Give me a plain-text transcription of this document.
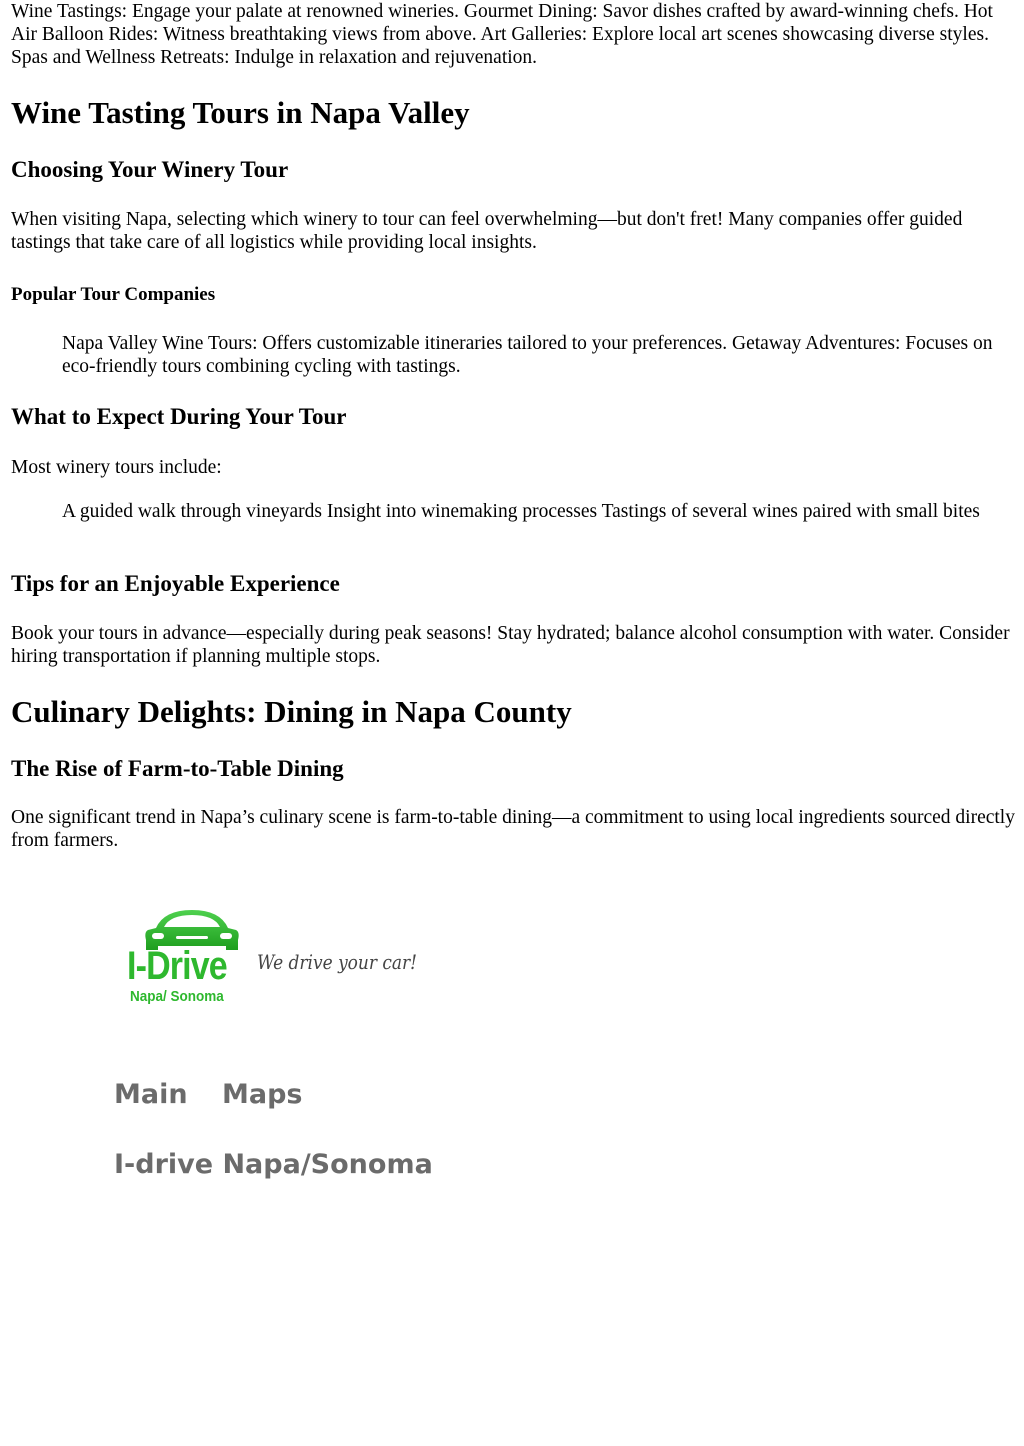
Wine Tastings: Engage your palate at renowned wineries. Gourmet Dining: Savor dishes crafted by award-winning chefs. Hot Air Balloon Rides: Witness breathtaking views from above. Art Galleries: Explore local art scenes showcasing diverse styles. Spas and Wellness Retreats: Indulge in relaxation and rejuvenation.

Wine Tasting Tours in Napa Valley
Choosing Your Winery Tour

When visiting Napa, selecting which winery to tour can feel overwhelming—but don't fret! Many companies offer guided tastings that take care of all logistics while providing local insights.

Popular Tour Companies

Napa Valley Wine Tours: Offers customizable itineraries tailored to your preferences. Getaway Adventures: Focuses on eco-friendly tours combining cycling with tastings.

What to Expect During Your Tour

Most winery tours include:

A guided walk through vineyards Insight into winemaking processes Tastings of several wines paired with small bites

Tips for an Enjoyable Experience

Book your tours in advance—especially during peak seasons! Stay hydrated; balance alcohol consumption with water. Consider hiring transportation if planning multiple stops.

Culinary Delights: Dining in Napa County
The Rise of Farm-to-Table Dining

One significant trend in Napa’s culinary scene is farm-to-table dining—a commitment to using local ingredients sourced directly from farmers.

I-Drive
Napa/ Sonoma
We drive your car!
Main Maps
I-drive Napa/Sonoma
